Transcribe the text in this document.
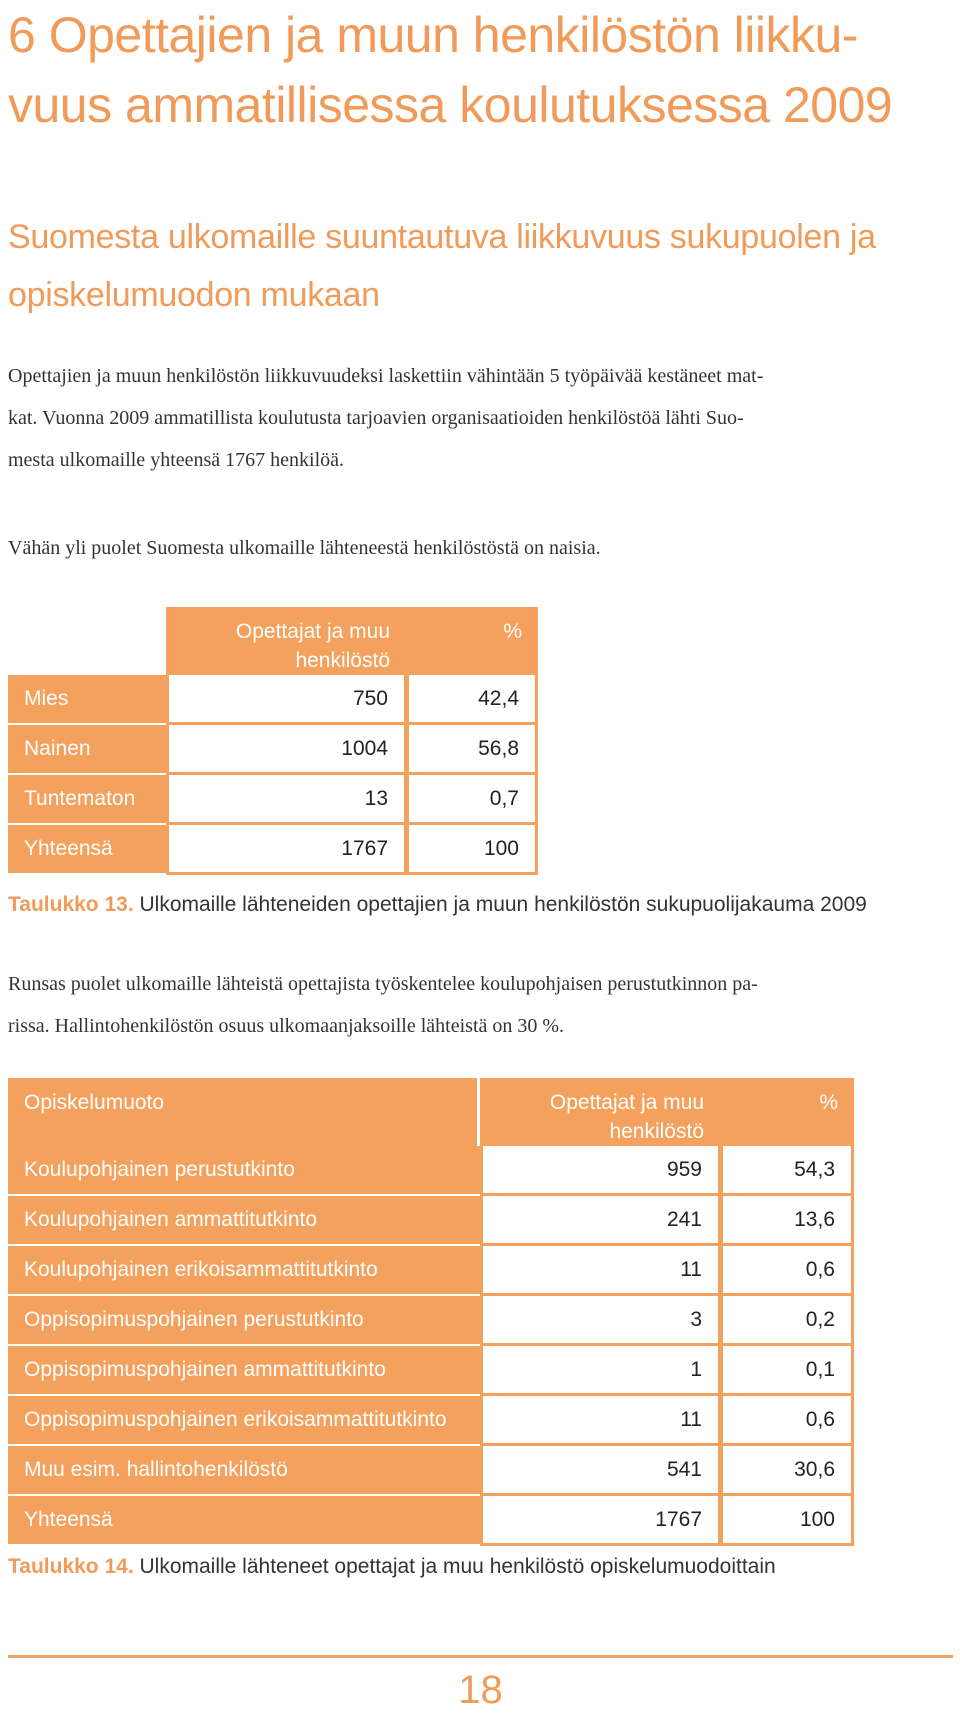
6 Opettajien ja muun henkilöstön liikku-
vuus ammatillisessa koulutuksessa 2009
Suomesta ulkomaille suuntautuva liikkuvuus sukupuolen ja
opiskelumuodon mukaan

Opettajien ja muun henkilöstön liikkuvuudeksi laskettiin vähintään 5 työpäivää kestäneet mat-
kat. Vuonna 2009 ammatillista koulutusta tarjoavien organisaatioiden henkilöstöä lähti Suo-
mesta ulkomaille yhteensä 1767 henkilöä.

Vähän yli puolet Suomesta ulkomaille lähteneestä henkilöstöstä on naisia.

	Opettajat ja muu
henkilöstö	%
Mies	750	42,4
Nainen	1004	56,8
Tuntematon	13	0,7
Yhteensä	1767	100
Taulukko 13. Ulkomaille lähteneiden opettajien ja muun henkilöstön sukupuolijakauma 2009

Runsas puolet ulkomaille lähteistä opettajista työskentelee koulupohjaisen perustutkinnon pa-
rissa. Hallintohenkilöstön osuus ulkomaanjaksoille lähteistä on 30 %.

Opiskelumuoto	Opettajat ja muu
henkilöstö	%
Koulupohjainen perustutkinto	959	54,3
Koulupohjainen ammattitutkinto	241	13,6
Koulupohjainen erikoisammattitutkinto	11	0,6
Oppisopimuspohjainen perustutkinto	3	0,2
Oppisopimuspohjainen ammattitutkinto	1	0,1
Oppisopimuspohjainen erikoisammattitutkinto	11	0,6
Muu esim. hallintohenkilöstö	541	30,6
Yhteensä	1767	100
Taulukko 14. Ulkomaille lähteneet opettajat ja muu henkilöstö opiskelumuodoittain
18
